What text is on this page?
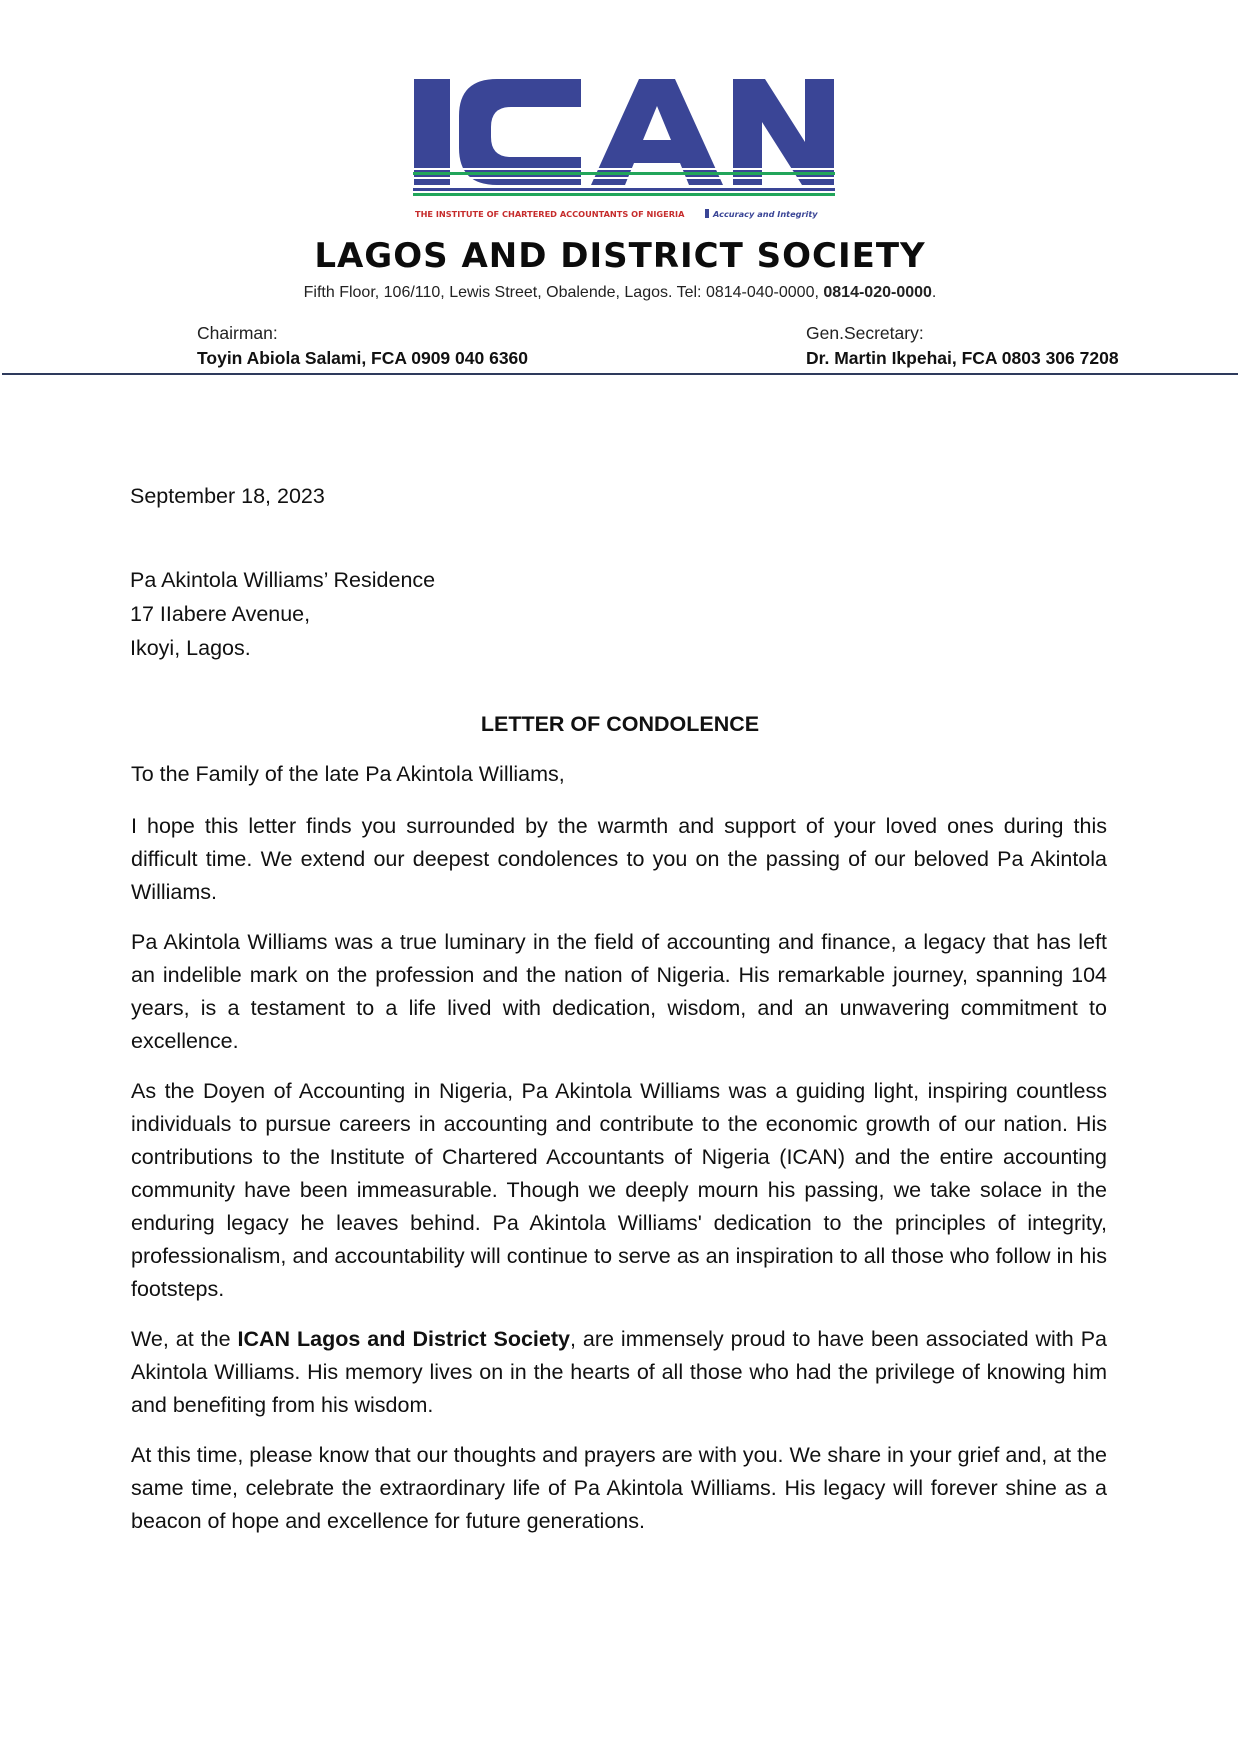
THE INSTITUTE OF CHARTERED ACCOUNTANTS OF NIGERIA	Accuracy and Integrity
LAGOS AND DISTRICT SOCIETY
Fifth Floor, 106/110, Lewis Street, Obalende, Lagos. Tel: 0814-040-0000, 0814-020-0000.
Chairman:
Toyin Abiola Salami, FCA 0909 040 6360
Gen.Secretary:
Dr. Martin Ikpehai, FCA 0803 306 7208
September 18, 2023
Pa Akintola Williams’ Residence
17 IIabere Avenue,
Ikoyi, Lagos.
LETTER OF CONDOLENCE
To the Family of the late Pa Akintola Williams,

I hope this letter finds you surrounded by the warmth and support of your loved ones during this difficult time. We extend our deepest condolences to you on the passing of our beloved Pa Akintola Williams.

Pa Akintola Williams was a true luminary in the field of accounting and finance, a legacy that has left an indelible mark on the profession and the nation of Nigeria. His remarkable journey, spanning 104 years, is a testament to a life lived with dedication, wisdom, and an unwavering commitment to excellence.

As the Doyen of Accounting in Nigeria, Pa Akintola Williams was a guiding light, inspiring countless individuals to pursue careers in accounting and contribute to the economic growth of our nation. His contributions to the Institute of Chartered Accountants of Nigeria (ICAN) and the entire accounting community have been immeasurable. Though we deeply mourn his passing, we take solace in the enduring legacy he leaves behind. Pa Akintola Williams' dedication to the principles of integrity, professionalism, and accountability will continue to serve as an inspiration to all those who follow in his footsteps.

We, at the ICAN Lagos and District Society, are immensely proud to have been associated with Pa Akintola Williams. His memory lives on in the hearts of all those who had the privilege of knowing him and benefiting from his wisdom.

At this time, please know that our thoughts and prayers are with you. We share in your grief and, at the same time, celebrate the extraordinary life of Pa Akintola Williams. His legacy will forever shine as a beacon of hope and excellence for future generations.
